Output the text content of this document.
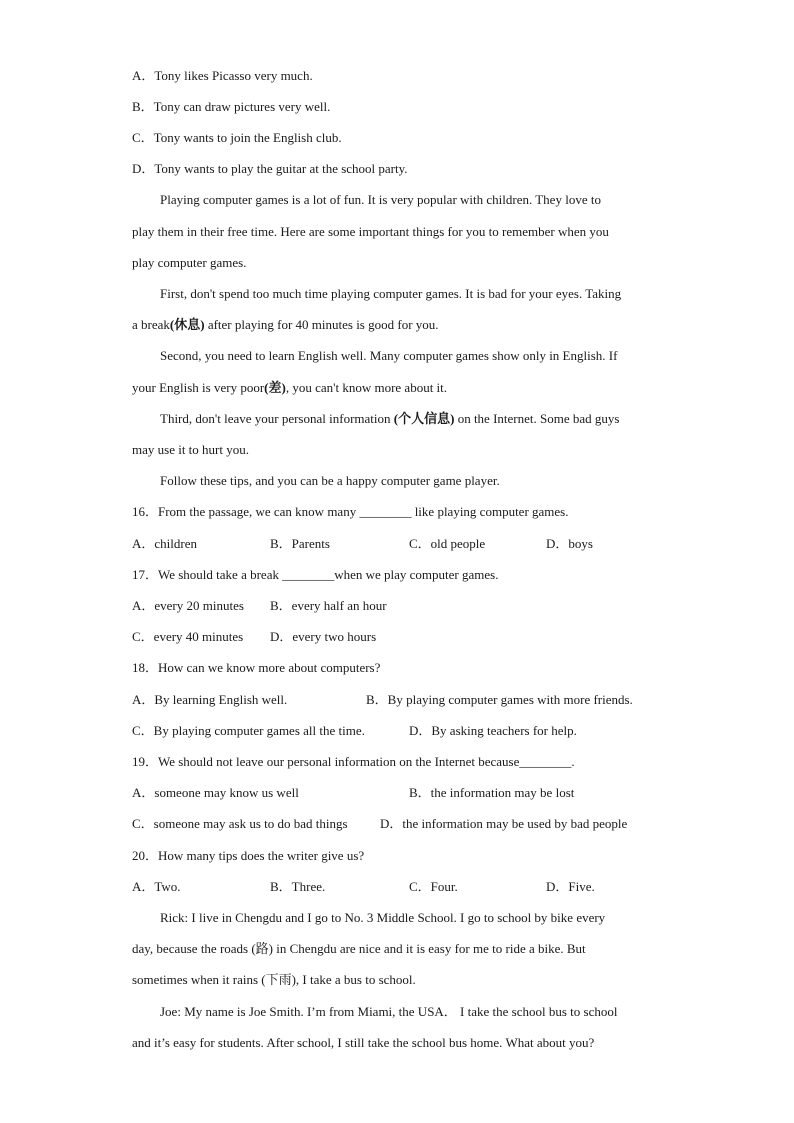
A．Tony likes Picasso very much.
B．Tony can draw pictures very well.
C．Tony wants to join the English club.
D．Tony wants to play the guitar at the school party.
Playing computer games is a lot of fun. It is very popular with children. They love to
play them in their free time. Here are some important things for you to remember when you
play computer games.
First, don't spend too much time playing computer games. It is bad for your eyes. Taking
a break(休息) after playing for 40 minutes is good for you.
Second, you need to learn English well. Many computer games show only in English. If
your English is very poor(差), you can't know more about it.
Third, don't leave your personal information (个人信息) on the Internet. Some bad guys
may use it to hurt you.
Follow these tips, and you can be a happy computer game player.
16．From the passage, we can know many ________ like playing computer games.
A．children	B．Parents	C．old people	D．boys
17．We should take a break ________when we play computer games.
A．every 20 minutes B．every half an hour
C．every 40 minutes D．every two hours
18．How can we know more about computers?
A．By learning English well.	B．By playing computer games with more friends.
C．By playing computer games all the time.	D．By asking teachers for help.
19．We should not leave our personal information on the Internet because________.
A．someone may know us well	B．the information may be lost
C．someone may ask us to do bad things D．the information may be used by bad people
20．How many tips does the writer give us?
A．Two.	B．Three.	C．Four.	D．Five.
Rick: I live in Chengdu and I go to No. 3 Middle School. I go to school by bike every
day, because the roads (路) in Chengdu are nice and it is easy for me to ride a bike. But
sometimes when it rains (下雨), I take a bus to school.
Joe: My name is Joe Smith. I’m from Miami, the USA． I take the school bus to school
and it’s easy for students. After school, I still take the school bus home. What about you?
